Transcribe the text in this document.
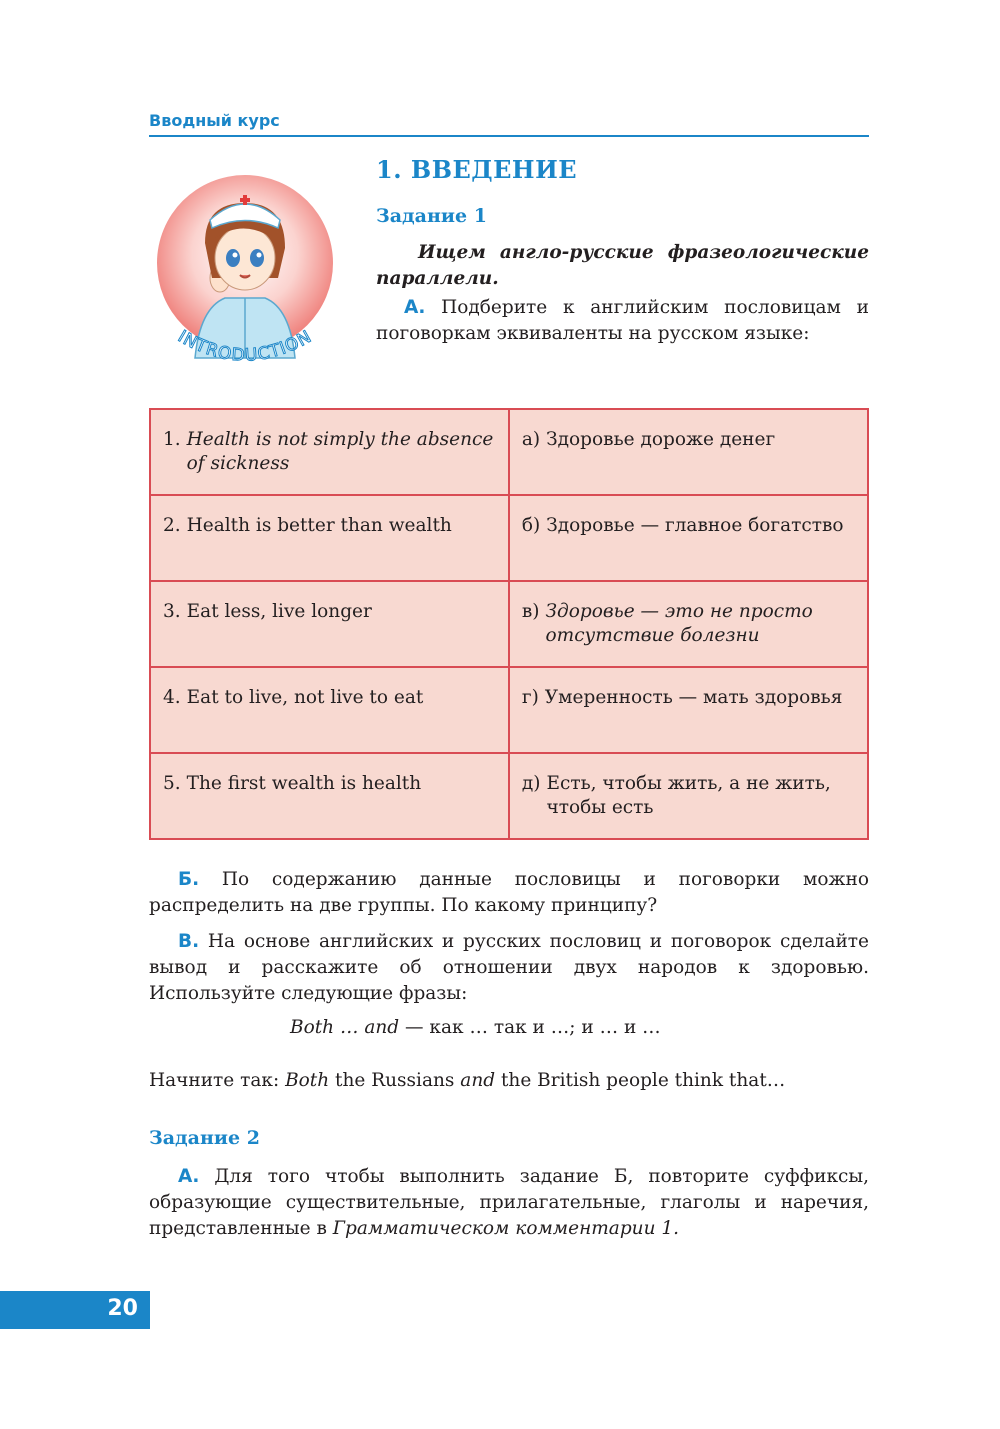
Вводный курс
INTRODUCTION
1. ВВЕДЕНИЕ
Задание 1

Ищем англо-русские фразеологические параллели.

А. Подберите к английским пословицам и поговоркам эквиваленты на русском языке:

1. Health is not simply the absence of sickness	а) Здоровье дороже денег

2. Health is better than wealth	б) Здоровье — главное богатство

3. Eat less, live longer	в) Здоровье — это не просто отсутствие болезни

4. Eat to live, not live to eat	г) Умеренность — мать здоровья

5. The first wealth is health	д) Есть, чтобы жить, а не жить, чтобы есть

Б. По содержанию данные пословицы и поговорки можно распределить на две группы. По какому принципу?

В. На основе английских и русских пословиц и поговорок сделайте вывод и расскажите об отношении двух народов к здоровью. Используйте следующие фразы:

Both … and — как … так и …; и … и …

Начните так: Both the Russians and the British people think that…

Задание 2

А. Для того чтобы выполнить задание Б, повторите суффиксы, образующие существительные, прилагательные, глаголы и наречия, представленные в Грамматическом комментарии 1.

20
